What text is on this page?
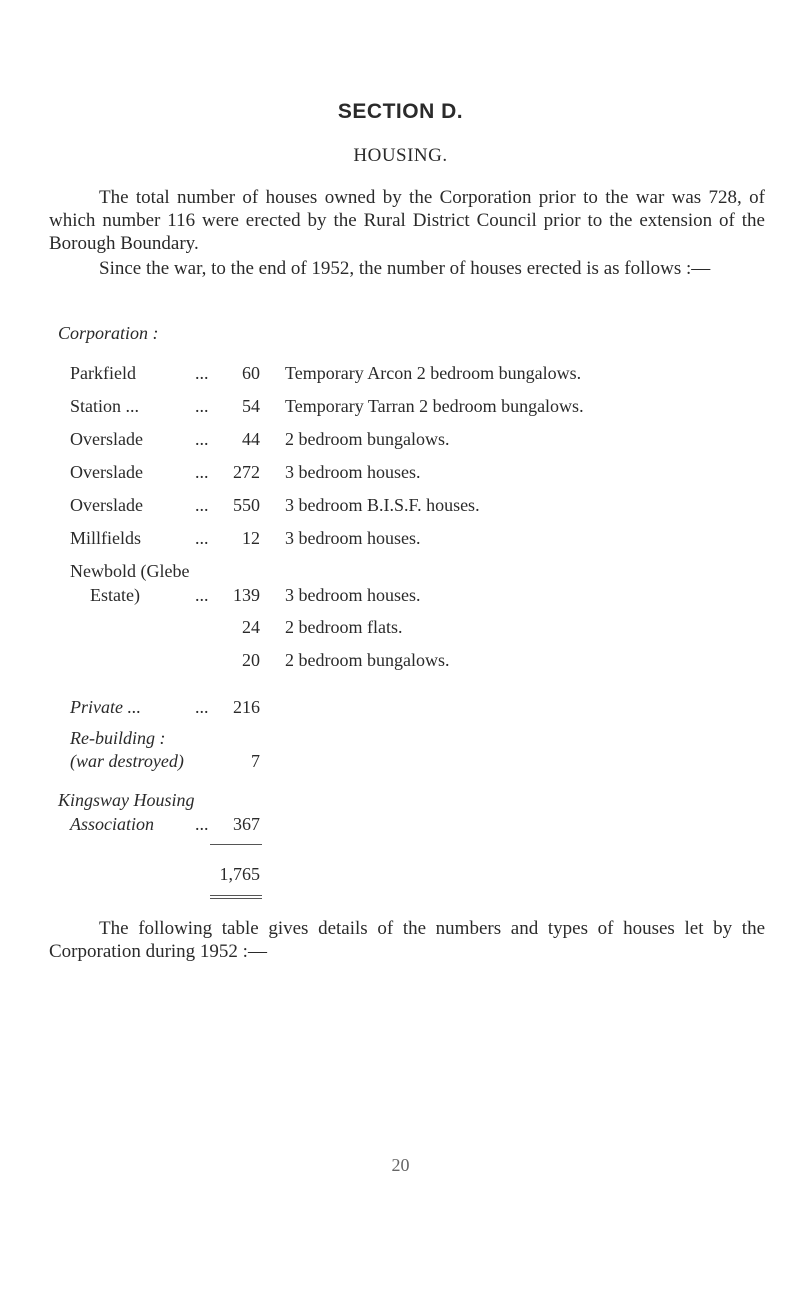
SECTION D.
HOUSING.
The total number of houses owned by the Corporation prior to the war was 728, of which number 116 were erected by the Rural District Council prior to the extension of the Borough Boundary.
Since the war, to the end of 1952, the number of houses erected is as follows :—
Corporation :
Parkfield	...	60 Temporary Arcon 2 bedroom bungalows.
Station ...	...	54 Temporary Tarran 2 bedroom bungalows.
Overslade	...	44 2 bedroom bungalows.
Overslade	...	272 3 bedroom houses.
Overslade	...	550 3 bedroom B.I.S.F. houses.
Millfields	...	12 3 bedroom houses.
Newbold (Glebe
Estate)	...	139 3 bedroom houses.
24 2 bedroom flats.
20 2 bedroom bungalows.
Private ...	...	216
Re-building :
(war destroyed)	7
Kingsway Housing
Association ...	367
1,765
The following table gives details of the numbers and types of houses let by the Corporation during 1952 :—
20
